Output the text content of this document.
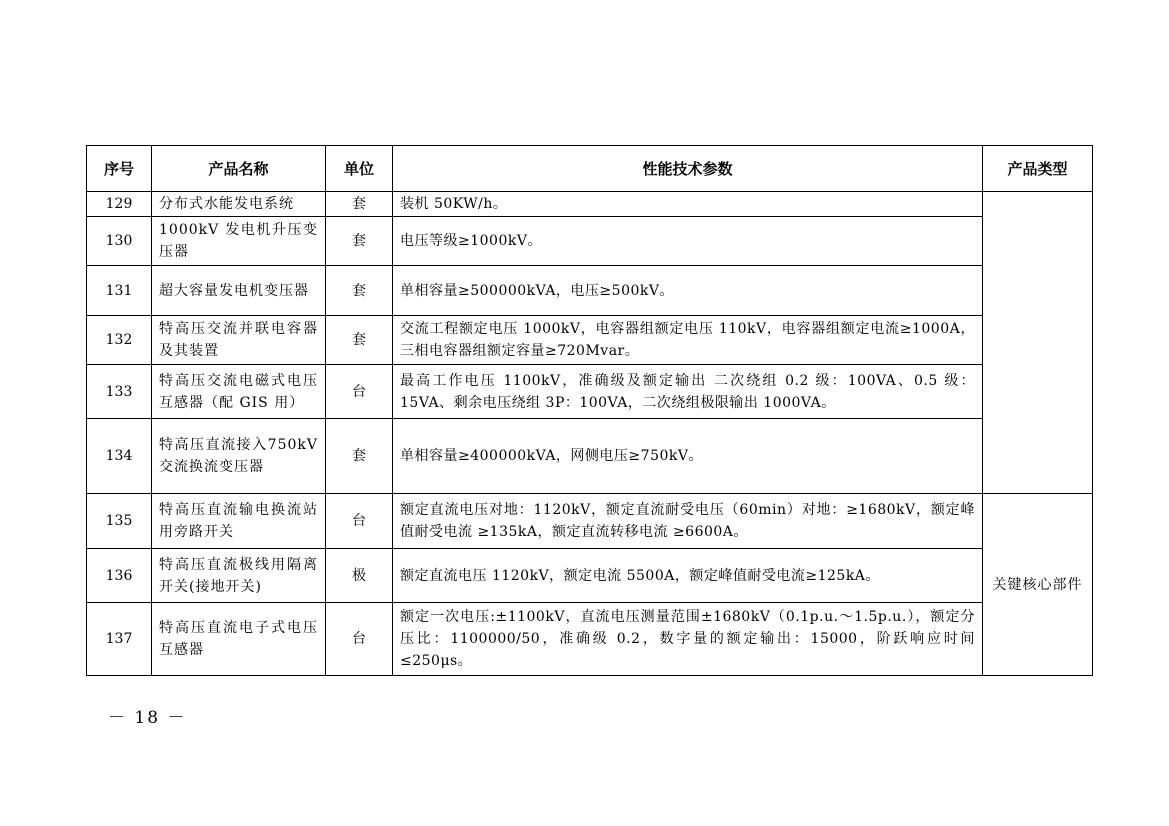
序号	产品名称	单位	性能技术参数	产品类型
129	分布式水能发电系统	套	装机 50KW/h。	
130	1000kV 发电机升压变压器	套	电压等级≥1000kV。	
131	超大容量发电机变压器	套	单相容量≥500000kVA，电压≥500kV。	
132	特高压交流并联电容器及其装置	套	交流工程额定电压 1000kV，电容器组额定电压 110kV，电容器组额定电流≥1000A，三相电容器组额定容量≥720Mvar。	
133	特高压交流电磁式电压互感器（配 GIS 用）	台	最高工作电压 1100kV，准确级及额定输出 二次绕组 0.2 级：100VA、0.5 级：15VA、剩余电压绕组 3P：100VA，二次绕组极限输出 1000VA。	
134	特高压直流接入750kV 交流换流变压器	套	单相容量≥400000kVA，网侧电压≥750kV。	
135	特高压直流输电换流站用旁路开关	台	额定直流电压对地：1120kV，额定直流耐受电压（60min）对地：≥1680kV，额定峰值耐受电流 ≥135kA，额定直流转移电流 ≥6600A。	关键核心部件
136	特高压直流极线用隔离开关(接地开关)	极	额定直流电压 1120kV，额定电流 5500A，额定峰值耐受电流≥125kA。	
137	特高压直流电子式电压互感器	台	额定一次电压:±1100kV，直流电压测量范围±1680kV（0.1p.u.～1.5p.u.），额定分压比：1100000/50，准确级 0.2，数字量的额定输出：15000，阶跃响应时间≤250μs。	
－ 18 －
